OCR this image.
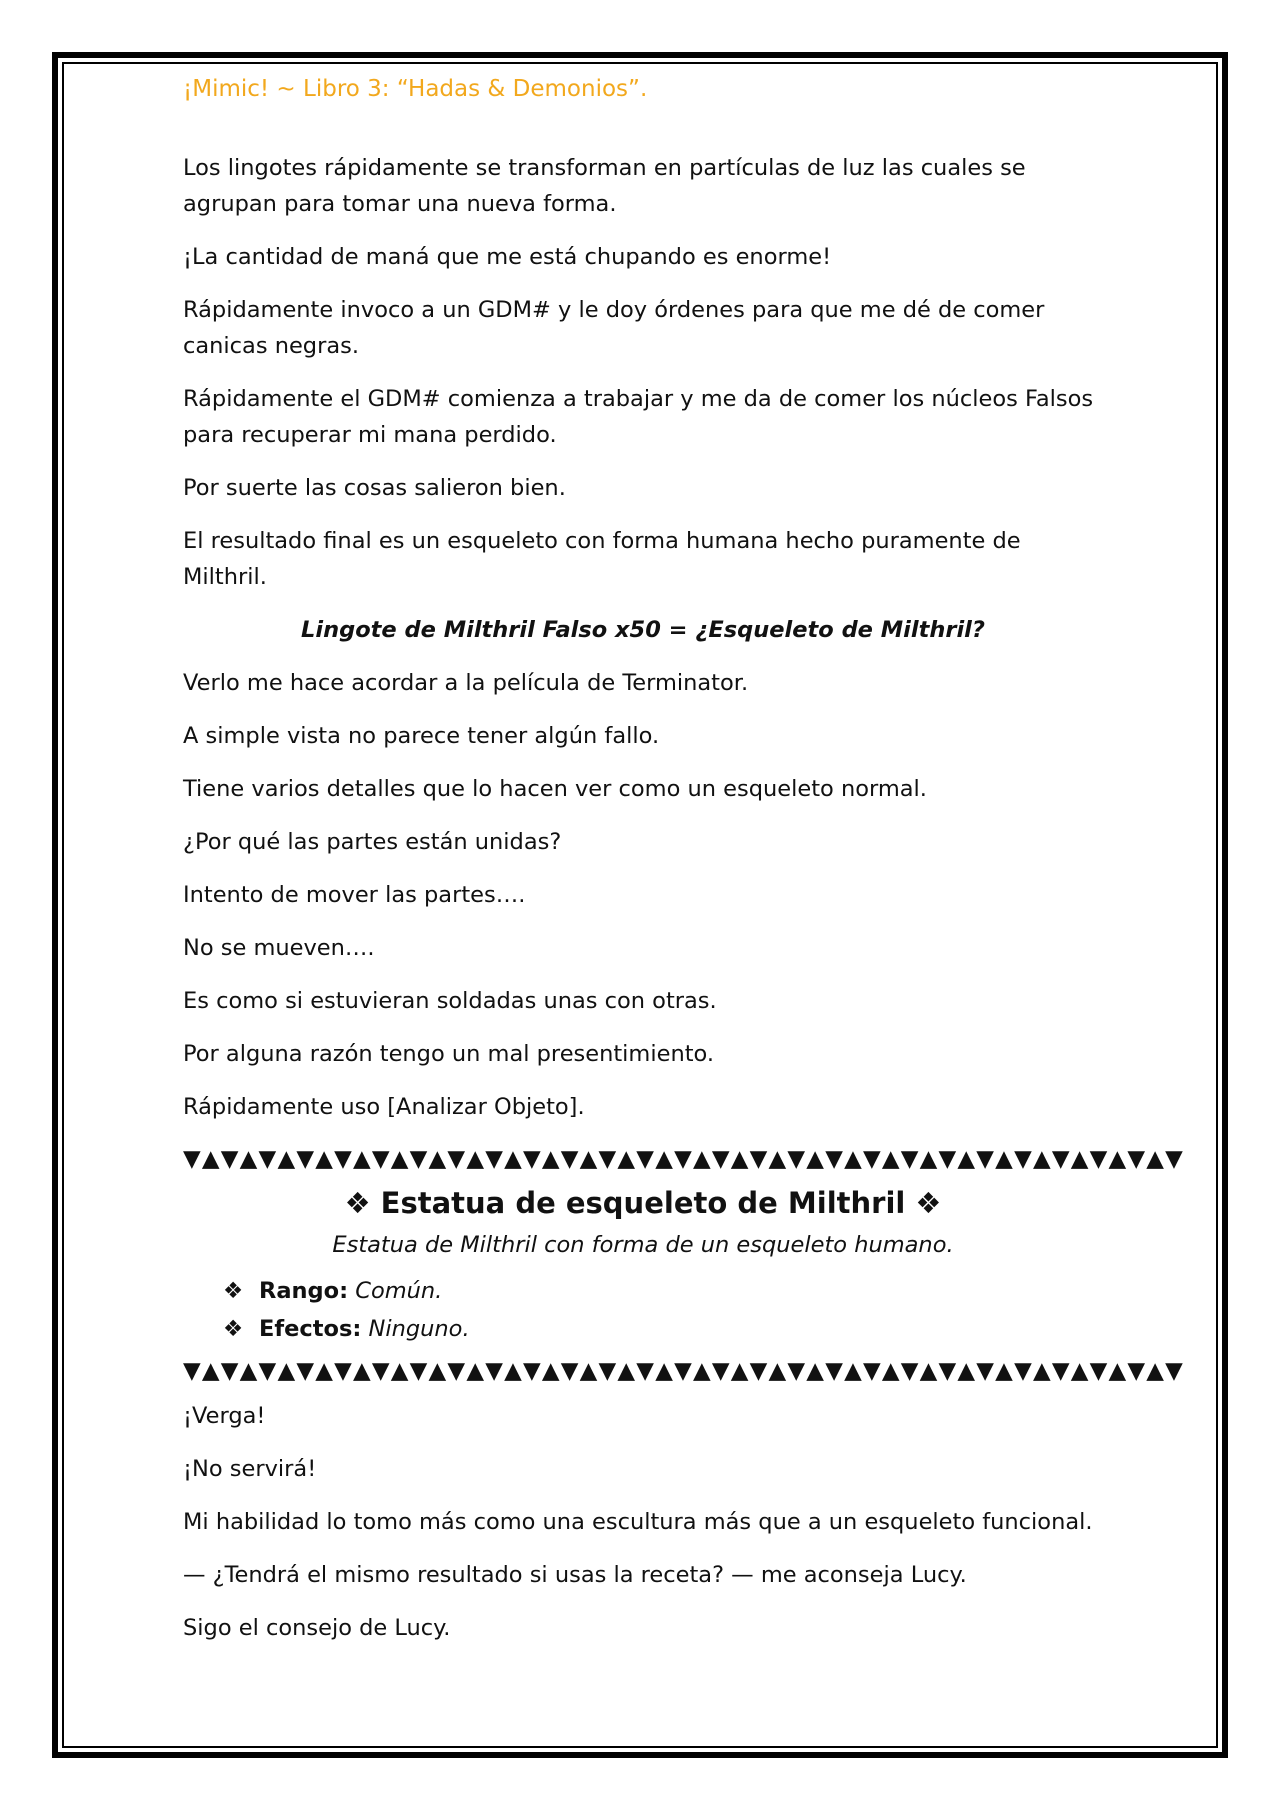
¡Mimic! ~ Libro 3: “Hadas & Demonios”.

Los lingotes rápidamente se transforman en partículas de luz las cuales se agrupan para tomar una nueva forma.

¡La cantidad de maná que me está chupando es enorme!

Rápidamente invoco a un GDM# y le doy órdenes para que me dé de comer canicas negras.

Rápidamente el GDM# comienza a trabajar y me da de comer los núcleos Falsos para recuperar mi mana perdido.

Por suerte las cosas salieron bien.

El resultado final es un esqueleto con forma humana hecho puramente de Milthril.

Lingote de Milthril Falso x50 = ¿Esqueleto de Milthril?

Verlo me hace acordar a la película de Terminator.

A simple vista no parece tener algún fallo.

Tiene varios detalles que lo hacen ver como un esqueleto normal.

¿Por qué las partes están unidas?

Intento de mover las partes….

No se mueven….

Es como si estuvieran soldadas unas con otras.

Por alguna razón tengo un mal presentimiento.

Rápidamente uso [Analizar Objeto].

▼▲▼▲▼▲▼▲▼▲▼▲▼▲▼▲▼▲▼▲▼▲▼▲▼▲▼▲▼▲▼▲▼▲▼▲▼▲▼▲▼▲▼▲▼▲▼▲▼▲▼▲▼
❖ Estatua de esqueleto de Milthril ❖
Estatua de Milthril con forma de un esqueleto humano.
❖ Rango: Común.
❖ Efectos: Ninguno.
▼▲▼▲▼▲▼▲▼▲▼▲▼▲▼▲▼▲▼▲▼▲▼▲▼▲▼▲▼▲▼▲▼▲▼▲▼▲▼▲▼▲▼▲▼▲▼▲▼▲▼▲▼

¡Verga!

¡No servirá!

Mi habilidad lo tomo más como una escultura más que a un esqueleto funcional.

— ¿Tendrá el mismo resultado si usas la receta? — me aconseja Lucy.

Sigo el consejo de Lucy.
